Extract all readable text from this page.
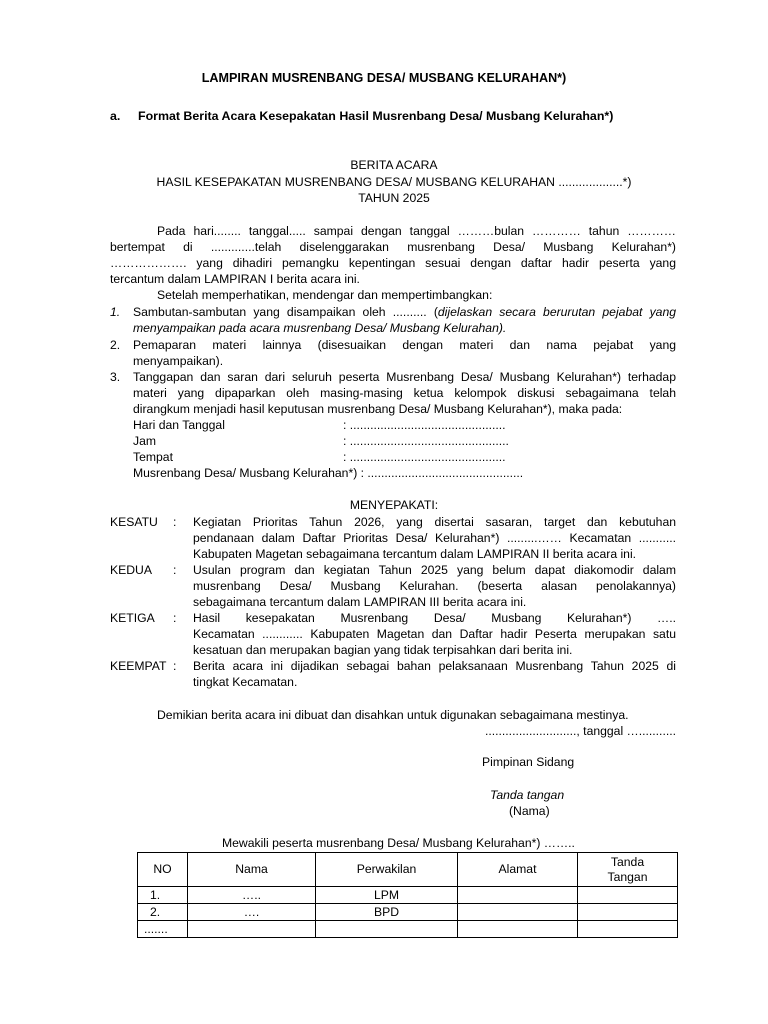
LAMPIRAN MUSRENBANG DESA/ MUSBANG KELURAHAN*)
a. Format Berita Acara Kesepakatan Hasil Musrenbang Desa/ Musbang Kelurahan*)
BERITA ACARA
HASIL KESEPAKATAN MUSRENBANG DESA/ MUSBANG KELURAHAN ...................*)
TAHUN 2025
Pada hari........ tanggal..... sampai dengan tanggal ………bulan ………… tahun …………
bertempat di .............telah diselenggarakan musrenbang Desa/ Musbang Kelurahan*)
………………. yang dihadiri pemangku kepentingan sesuai dengan daftar hadir peserta yang
tercantum dalam LAMPIRAN I berita acara ini.
Setelah memperhatikan, mendengar dan mempertimbangkan:
1.	Sambutan-sambutan yang disampaikan oleh .......... (dijelaskan secara berurutan pejabat yang
menyampaikan pada acara musrenbang Desa/ Musbang Kelurahan).
2.	Pemaparan materi lainnya (disesuaikan dengan materi dan nama pejabat yang
menyampaikan).
3.	Tanggapan dan saran dari seluruh peserta Musrenbang Desa/ Musbang Kelurahan*) terhadap
materi yang dipaparkan oleh masing-masing ketua kelompok diskusi sebagaimana telah
dirangkum menjadi hasil keputusan musrenbang Desa/ Musbang Kelurahan*), maka pada:
Hari dan Tanggal	: ..............................................
Jam	: ...............................................
Tempat	: ..............................................
Musrenbang Desa/ Musbang Kelurahan*) : ..............................................
MENYEPAKATI:
KESATU : Kegiatan Prioritas Tahun 2026, yang disertai sasaran, target dan kebutuhan
pendanaan dalam Daftar Prioritas Desa/ Kelurahan*) .........…… Kecamatan ...........
Kabupaten Magetan sebagaimana tercantum dalam LAMPIRAN II berita acara ini.
KEDUA : Usulan program dan kegiatan Tahun 2025 yang belum dapat diakomodir dalam
musrenbang Desa/ Musbang Kelurahan. (beserta alasan penolakannya)
sebagaimana tercantum dalam LAMPIRAN III berita acara ini.
KETIGA : Hasil kesepakatan Musrenbang Desa/ Musbang Kelurahan*) …..
Kecamatan ............ Kabupaten Magetan dan Daftar hadir Peserta merupakan satu
kesatuan dan merupakan bagian yang tidak terpisahkan dari berita ini.
KEEMPAT : Berita acara ini dijadikan sebagai bahan pelaksanaan Musrenbang Tahun 2025 di
tingkat Kecamatan.
Demikian berita acara ini dibuat dan disahkan untuk digunakan sebagaimana mestinya.
..........................., tanggal …...........
Pimpinan Sidang
Tanda tangan
(Nama)
Mewakili peserta musrenbang Desa/ Musbang Kelurahan*) ……..
NO	Nama	Perwakilan	Alamat	Tanda
Tangan
1.	…..	LPM		
2.	….	BPD		
.......				
